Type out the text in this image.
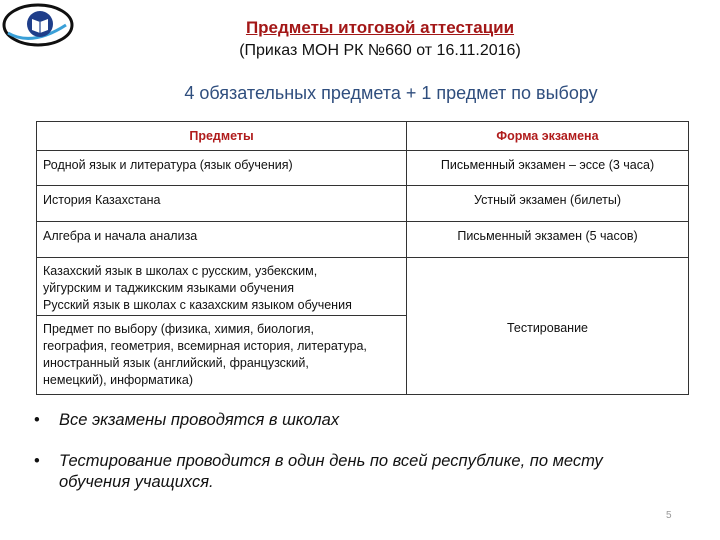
Предметы итоговой аттестации
(Приказ МОН РК №660 от 16.11.2016)
4 обязательных предмета + 1 предмет по выбору
Предметы	Форма экзамена
Родной язык и литература (язык обучения)	Письменный экзамен – эссе (3 часа)
История Казахстана	Устный экзамен (билеты)
Алгебра и начала анализа	Письменный экзамен (5 часов)

Казахский язык в школах с русским, узбекским,
уйгурским и таджикским языками обучения
Русский язык в школах с казахским языком обучения	Тестирование

Предмет по выбору (физика, химия, биология,
география, геометрия, всемирная история, литература,
иностранный язык (английский, французский,
немецкий), информатика)	
• Все экзамены проводятся в школах
• Тестирование проводится в один день по всей республике, по месту
обучения учащихся.
5
